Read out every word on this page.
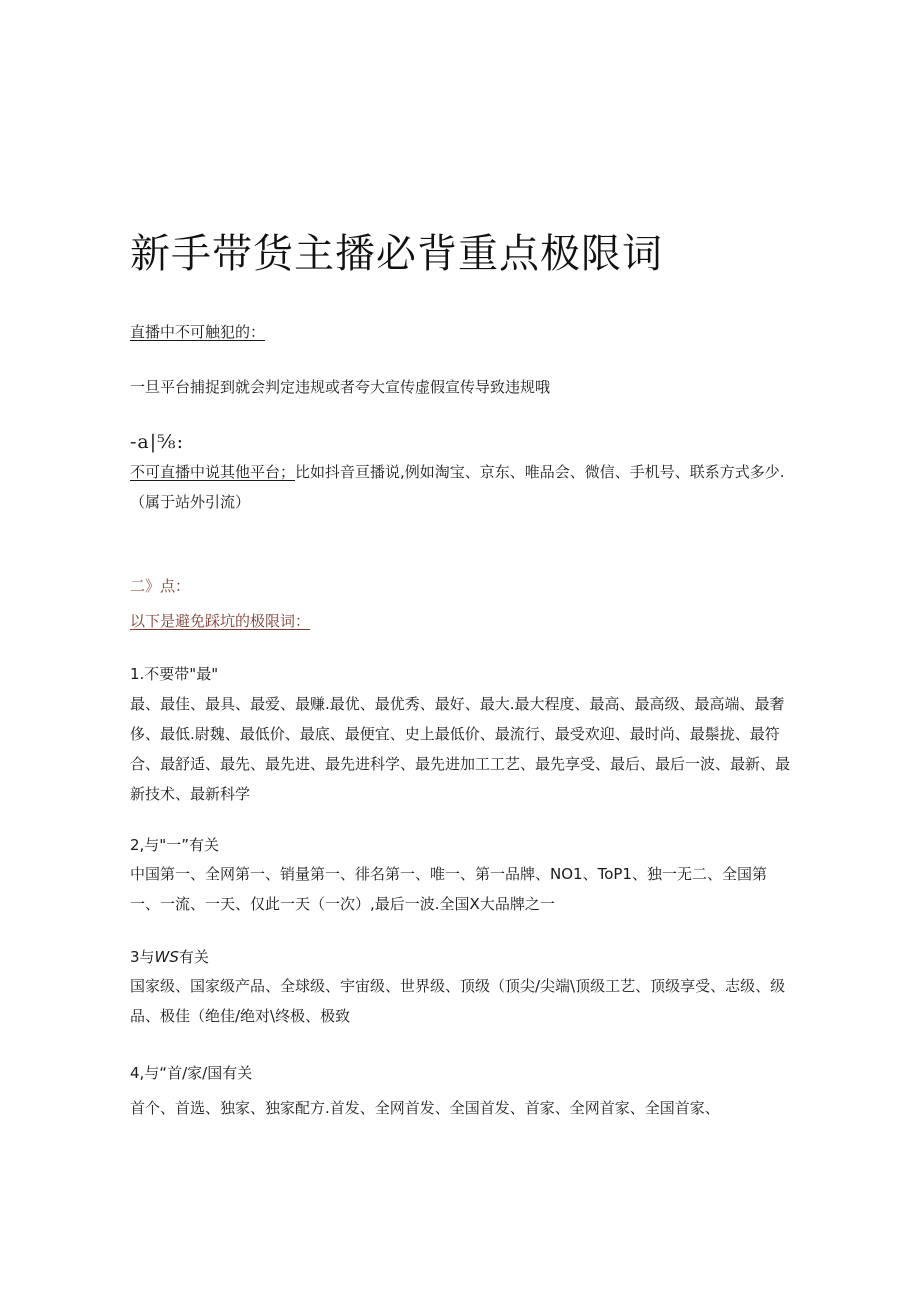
新手带货主播必背重点极限词

直播中不可触犯的：

一旦平台捕捉到就会判定违规或者夸大宣传虚假宣传导致违规哦

-a|⅝:

不可直播中说其他平台；比如抖音亘播说,例如淘宝、京东、唯品会、微信、手机号、联系方式多少.（属于站外引流）

二》点：

以下是避免踩坑的极限词：

1.不要带"最"

最、最佳、最具、最爱、最赚.最优、最优秀、最好、最大.最大程度、最高、最高级、最高端、最奢侈、最低.尉魏、最低价、最底、最便宜、史上最低价、最流行、最受欢迎、最时尚、最鬃拢、最符合、最舒适、最先、最先进、最先进科学、最先进加工工艺、最先享受、最后、最后一波、最新、最新技术、最新科学

2,与"一”有关

中国第一、全网第一、销量第一、徘名第一、唯一、第一品牌、NO1、ToP1、独一无二、全国第一、一流、一天、仅此一天（一次）,最后一波.全国X大品牌之一

3与WS有关

国家级、国家级产品、全球级、宇宙级、世界级、顶级（顶尖/尖端\顶级工艺、顶级享受、志级、级品、极佳（绝佳/绝对\终极、极致

4,与“首/家/国有关

首个、首选、独家、独家配方.首发、全网首发、全国首发、首家、全网首家、全国首家、
